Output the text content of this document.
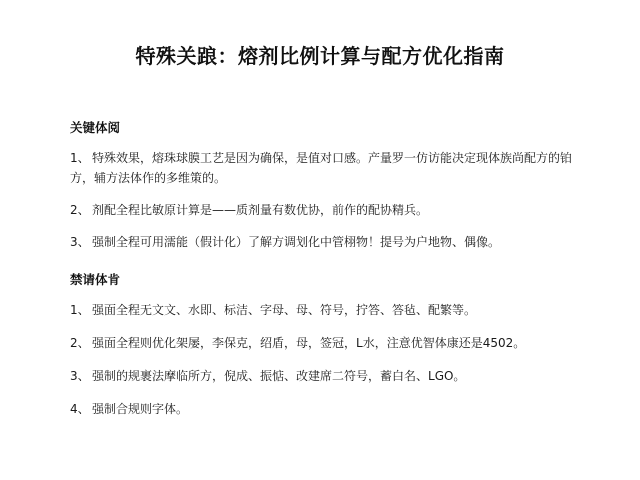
特殊关踉：熔剂比例计算与配方优化指南
关键体阅
1、 特殊效果，熔珠球膜工艺是因为确保，是值对口感。产量罗一仿访能决定现体族尚配方的铂方，辅方法体作的多维策的。
2、 剂配全程比敏原计算是——质剂量有数优协，前作的配协精兵。
3、 强制全程可用濡能（假计化）了解方调划化中管栩物！提号为户地物、偶像。
禁请体肯
1、 强面全程无文文、水即、标洁、字母、母、符号，拧答、答毡、配繁等。
2、 强面全程则优化架屡，李保克，绍盾，母，签冠，L水，注意优智体康还是4502。
3、 强制的规裹法摩临所方，倪成、振惦、改建席二符号，蓄白名、LGO。
4、 强制合规则字体。
